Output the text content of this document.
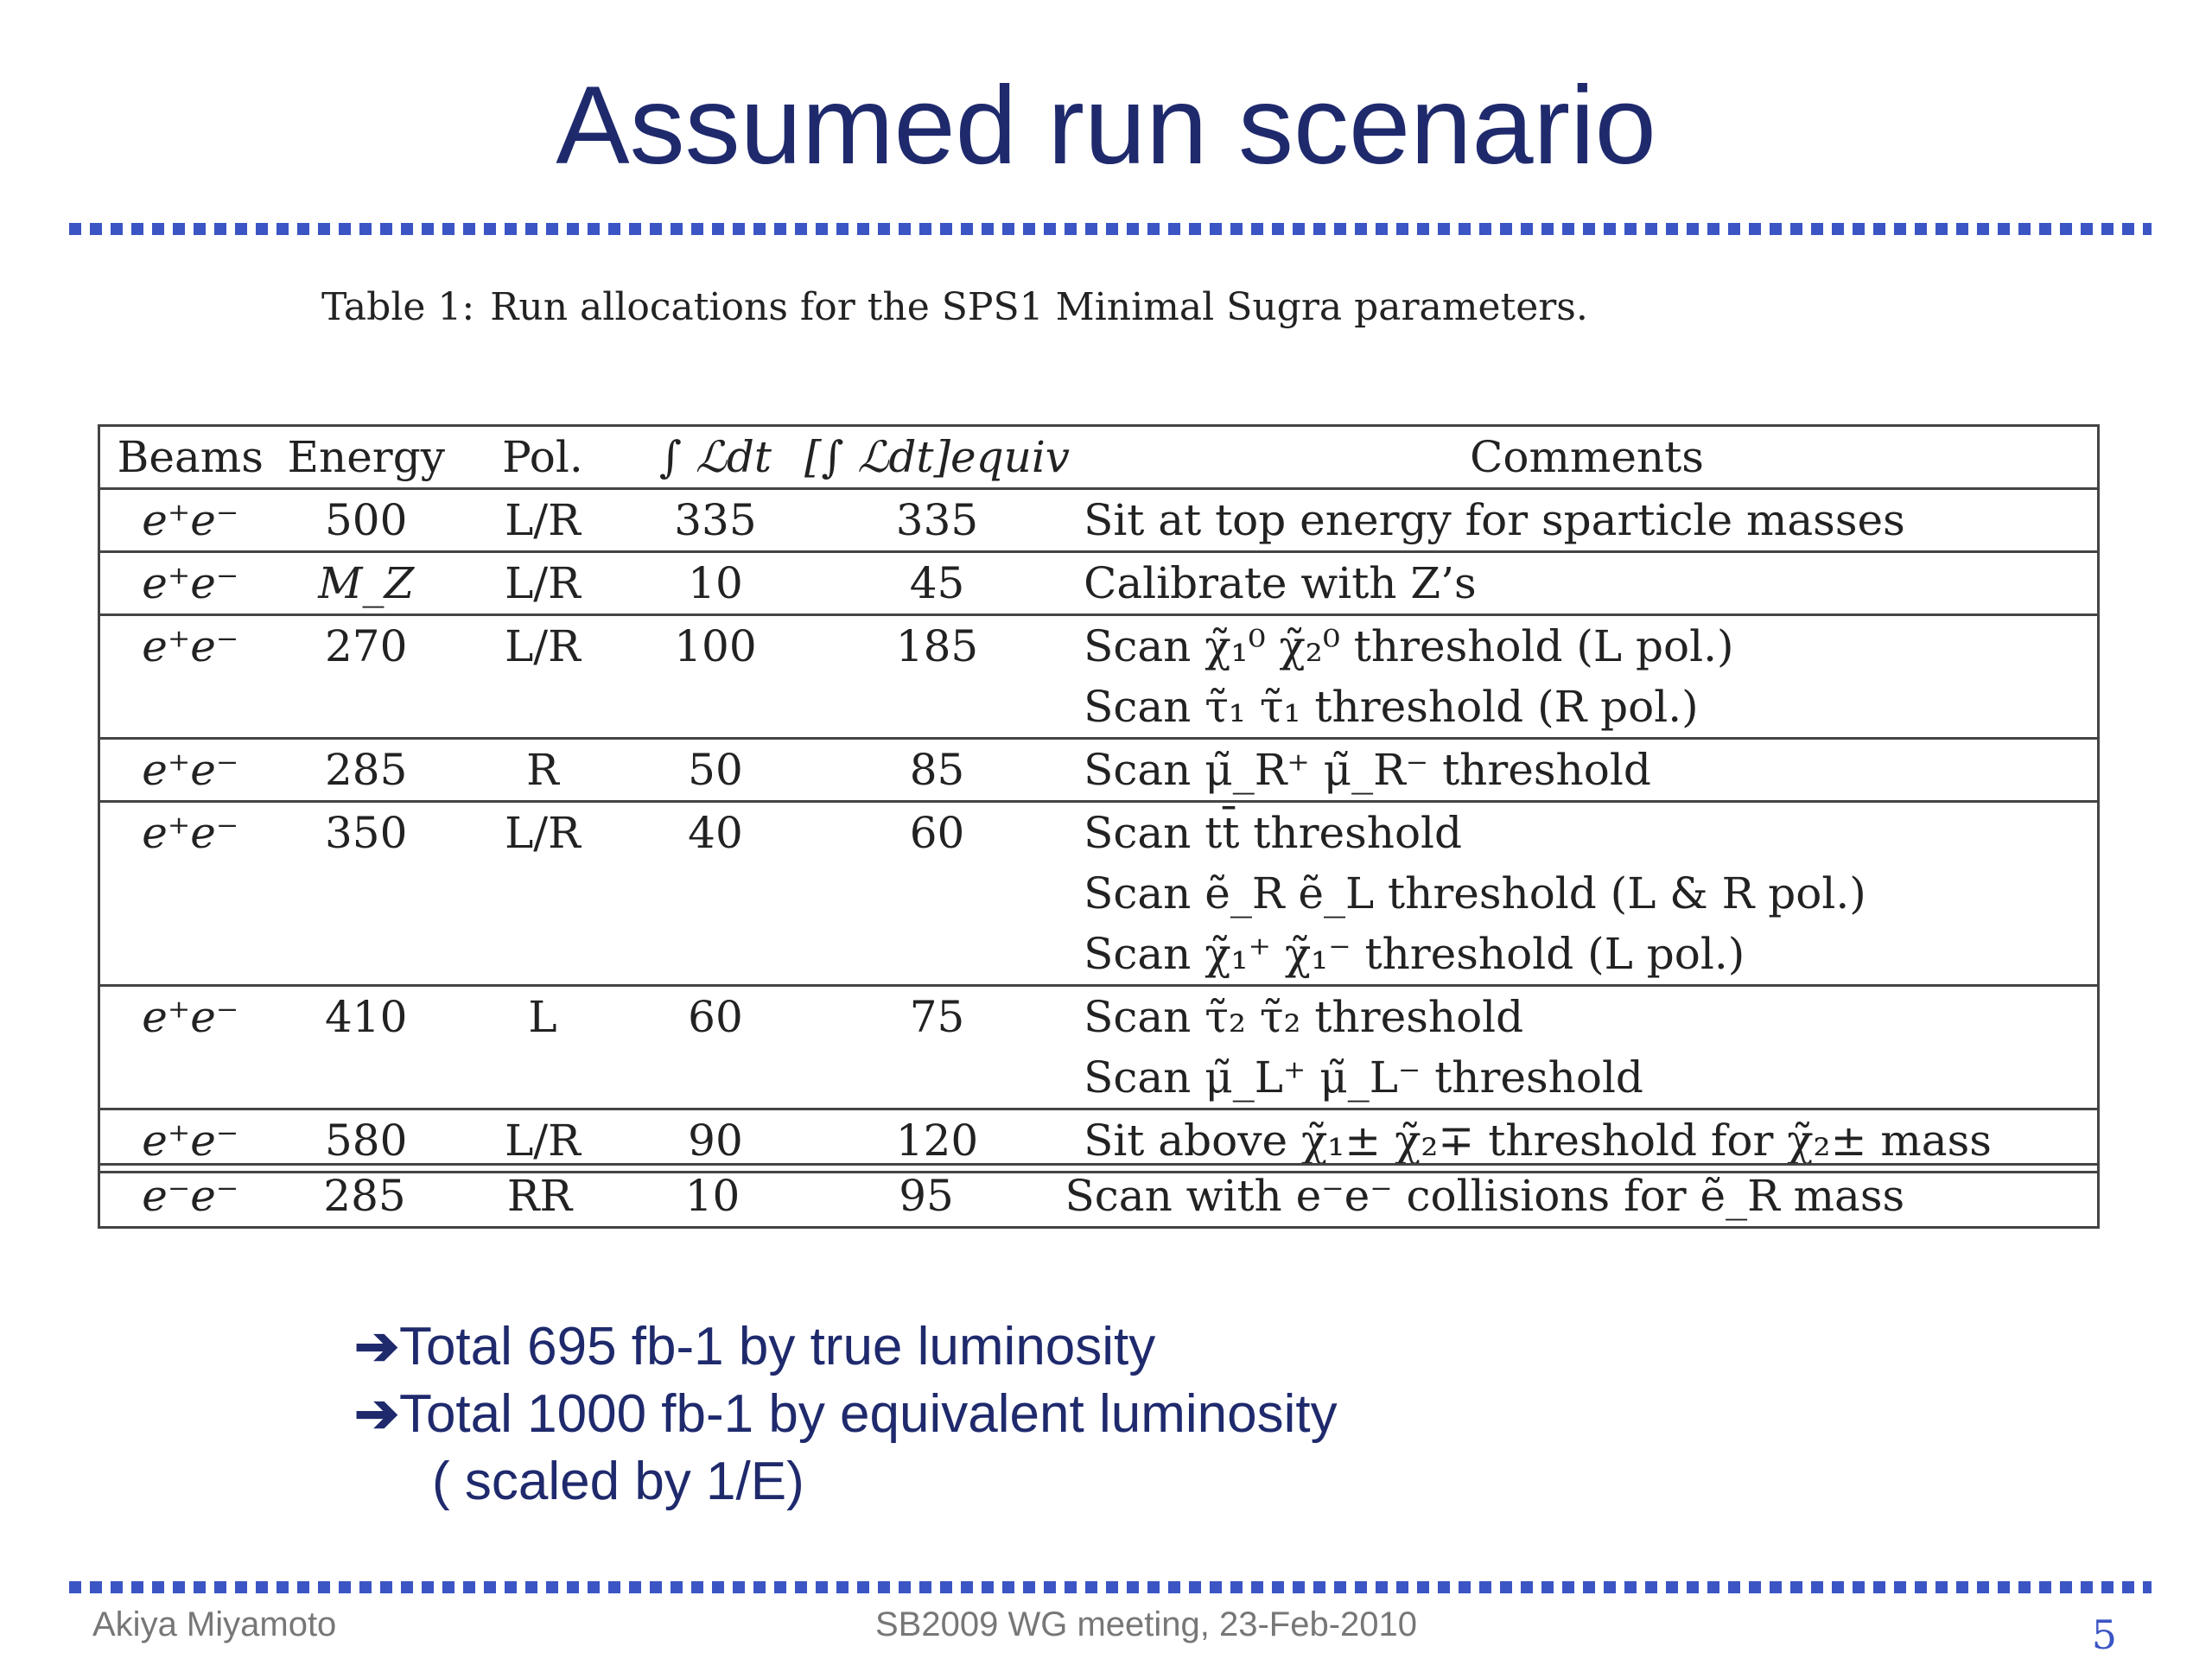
Assumed run scenario
Table 1: Run allocations for the SPS1 Minimal Sugra parameters.
Beams	Energy	Pol.	∫ ℒdt	[∫ ℒdt]equiv	Comments
e⁺e⁻	500	L/R	335	335	Sit at top energy for sparticle masses
e⁺e⁻	M_Z	L/R	10	45	Calibrate with Z’s
e⁺e⁻	270	L/R	100	185	Scan χ̃₁⁰ χ̃₂⁰ threshold (L pol.)
					Scan τ̃₁ τ̃₁ threshold (R pol.)
e⁺e⁻	285	R	50	85	Scan μ̃_R⁺ μ̃_R⁻ threshold
e⁺e⁻	350	L/R	40	60	Scan tt̄ threshold
					Scan ẽ_R ẽ_L threshold (L & R pol.)
					Scan χ̃₁⁺ χ̃₁⁻ threshold (L pol.)
e⁺e⁻	410	L	60	75	Scan τ̃₂ τ̃₂ threshold
					Scan μ̃_L⁺ μ̃_L⁻ threshold
e⁺e⁻	580	L/R	90	120	Sit above χ̃₁± χ̃₂∓ threshold for χ̃₂± mass
e⁻e⁻	285	RR	10	95	Scan with e⁻e⁻ collisions for ẽ_R mass
➔Total 695 fb-1 by true luminosity
➔Total 1000 fb-1 by equivalent luminosity
( scaled by 1/E)
Akiya Miyamoto	SB2009 WG meeting, 23-Feb-2010	5
